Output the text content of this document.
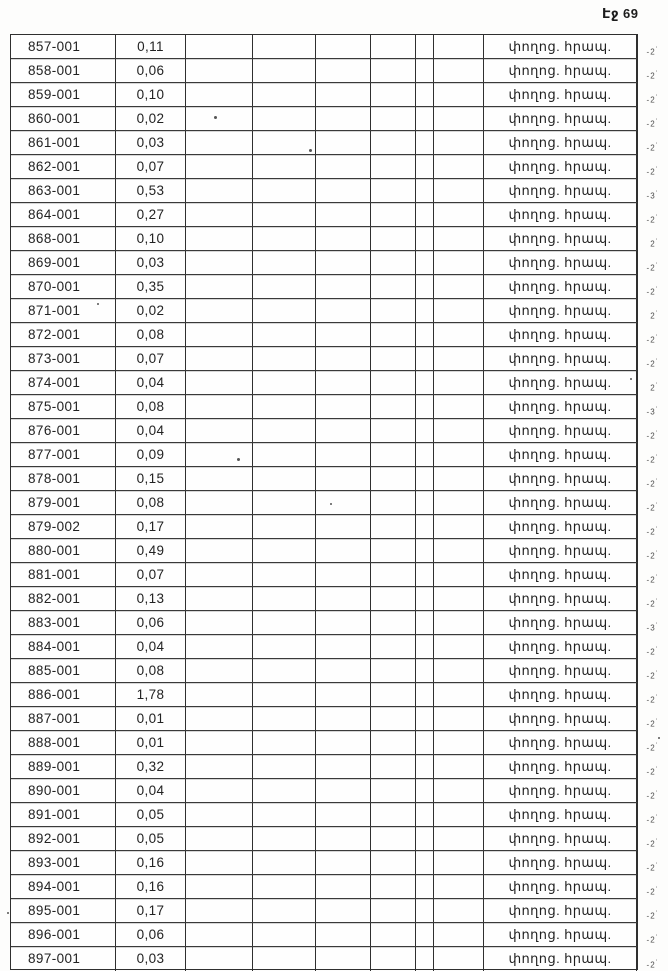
Էջ 69
857-001	0,11	փողոց. հրապ.	-2 ’
858-001	0,06	փողոց. հրապ.	-2 ’
859-001	0,10	փողոց. հրապ.	-2 ’
860-001	0,02	փողոց. հրապ.	-2 ’
861-001	0,03	փողոց. հրապ.	-2 ’
862-001	0,07	փողոց. հրապ.	-2 ’
863-001	0,53	փողոց. հրապ.	-3 ’
864-001	0,27	փողոց. հրապ.	-2 ’
868-001	0,10	փողոց. հրապ.	2 ’
869-001	0,03	փողոց. հրապ.	-2 ’
870-001	0,35	փողոց. հրապ.	-2 ’
871-001	0,02	փողոց. հրապ.	2 ’
872-001	0,08	փողոց. հրապ.	-2 ’
873-001	0,07	փողոց. հրապ.	-2 ’
874-001	0,04	փողոց. հրապ.	2 ’
875-001	0,08	փողոց. հրապ.	-3 ’
876-001	0,04	փողոց. հրապ.	-2 ’
877-001	0,09	փողոց. հրապ.	-2 ’
878-001	0,15	փողոց. հրապ.	-2 ’
879-001	0,08	փողոց. հրապ.	-2 ’
879-002	0,17	փողոց. հրապ.	-2 ’
880-001	0,49	փողոց. հրապ.	-2 ’
881-001	0,07	փողոց. հրապ.	-2 ’
882-001	0,13	փողոց. հրապ.	-2 ’
883-001	0,06	փողոց. հրապ.	-3 ’
884-001	0,04	փողոց. հրապ.	-2 ’
885-001	0,08	փողոց. հրապ.	-2 ’
886-001	1,78	փողոց. հրապ.	-2 ’
887-001	0,01	փողոց. հրապ.	-2 ’
888-001	0,01	փողոց. հրապ.	-2 ’
889-001	0,32	փողոց. հրապ.	-2 ’
890-001	0,04	փողոց. հրապ.	-2 ’
891-001	0,05	փողոց. հրապ.	-2 ’
892-001	0,05	փողոց. հրապ.	-2 ’
893-001	0,16	փողոց. հրապ.	-2 ’
894-001	0,16	փողոց. հրապ.	-2 ’
895-001	0,17	փողոց. հրապ.	-2 ’
896-001	0,06	փողոց. հրապ.	-2 ’
897-001	0,03	փողոց. հրապ.	-2 ’
